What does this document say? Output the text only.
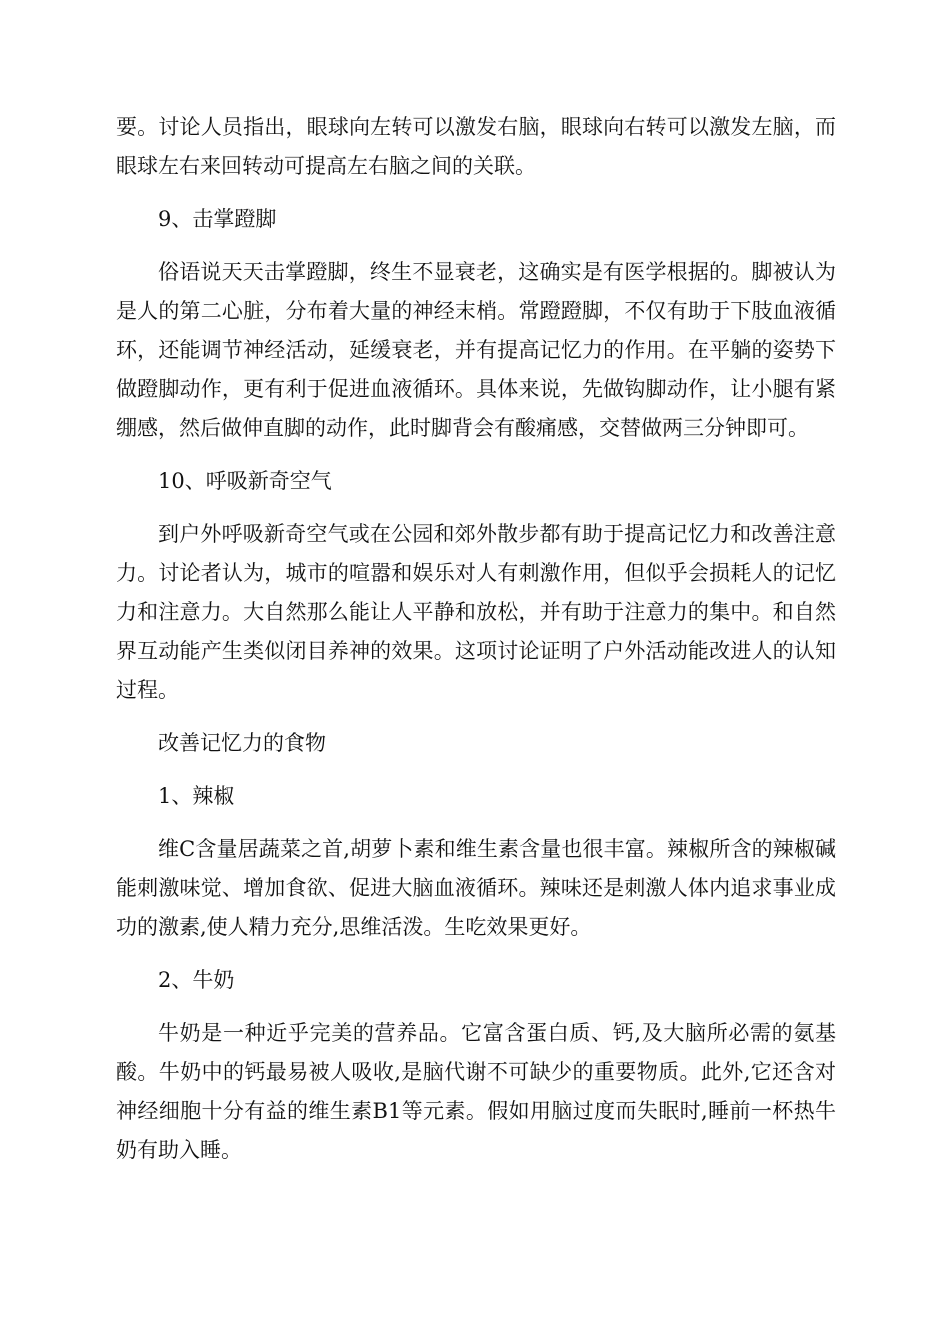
要。讨论人员指出，眼球向左转可以激发右脑，眼球向右转可以激发左脑，而眼球左右来回转动可提高左右脑之间的关联。

9、击掌蹬脚

俗语说天天击掌蹬脚，终生不显衰老，这确实是有医学根据的。脚被认为是人的第二心脏，分布着大量的神经末梢。常蹬蹬脚，不仅有助于下肢血液循环，还能调节神经活动，延缓衰老，并有提高记忆力的作用。在平躺的姿势下做蹬脚动作，更有利于促进血液循环。具体来说，先做钩脚动作，让小腿有紧绷感，然后做伸直脚的动作，此时脚背会有酸痛感，交替做两三分钟即可。

10、呼吸新奇空气

到户外呼吸新奇空气或在公园和郊外散步都有助于提高记忆力和改善注意力。讨论者认为，城市的喧嚣和娱乐对人有刺激作用，但似乎会损耗人的记忆力和注意力。大自然那么能让人平静和放松，并有助于注意力的集中。和自然界互动能产生类似闭目养神的效果。这项讨论证明了户外活动能改进人的认知过程。

改善记忆力的食物

1、辣椒

维C含量居蔬菜之首,胡萝卜素和维生素含量也很丰富。辣椒所含的辣椒碱能刺激味觉、增加食欲、促进大脑血液循环。辣味还是刺激人体内追求事业成功的激素,使人精力充分,思维活泼。生吃效果更好。

2、牛奶

牛奶是一种近乎完美的营养品。它富含蛋白质、钙,及大脑所必需的氨基酸。牛奶中的钙最易被人吸收,是脑代谢不可缺少的重要物质。此外,它还含对神经细胞十分有益的维生素B1等元素。假如用脑过度而失眠时,睡前一杯热牛奶有助入睡。
